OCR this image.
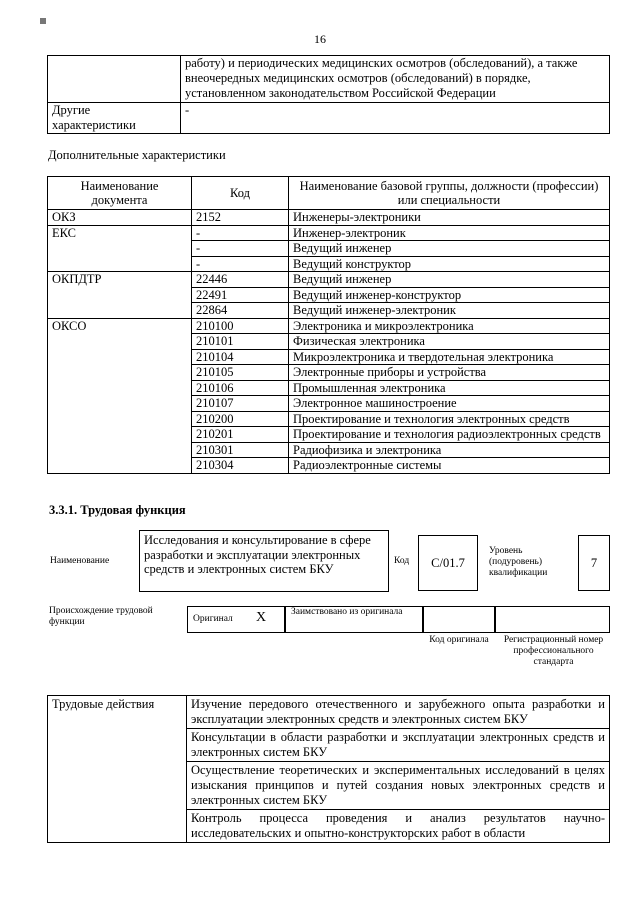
16
	работу) и периодических медицинских осмотров (обследований), а также внеочередных медицинских осмотров (обследований) в порядке, установленном законодательством Российской Федерации
Другие характеристики	-
Дополнительные характеристики
Наименование документа	Код	Наименование базовой группы, должности (профессии) или специальности
ОКЗ	2152	Инженеры-электроники
ЕКС	-	Инженер-электроник
	-	Ведущий инженер
	-	Ведущий конструктор
ОКПДТР	22446	Ведущий инженер
	22491	Ведущий инженер-конструктор
	22864	Ведущий инженер-электроник
ОКСО	210100	Электроника и микроэлектроника
	210101	Физическая электроника
	210104	Микроэлектроника и твердотельная электроника
	210105	Электронные приборы и устройства
	210106	Промышленная электроника
	210107	Электронное машиностроение
	210200	Проектирование и технология электронных средств
	210201	Проектирование и технология радиоэлектронных средств
	210301	Радиофизика и электроника
	210304	Радиоэлектронные системы
3.3.1. Трудовая функция
Наименование
Исследования и консультирование в сфере разработки и эксплуатации электронных средств и электронных систем БКУ
Код	С/01.7
Уровень (подуровень) квалификации
7
Происхождение трудовой функции	Оригинал X	Заимствовано из оригинала
Код оригинала	Регистрационный номер профессионального стандарта
Трудовые действия	Изучение передового отечественного и зарубежного опыта разработки и эксплуатации электронных средств и электронных систем БКУ
Консультации в области разработки и эксплуатации электронных средств и электронных систем БКУ
Осуществление теоретических и экспериментальных исследований в целях изыскания принципов и путей создания новых электронных средств и электронных систем БКУ
Контроль процесса проведения и анализ результатов научно-исследовательских и опытно-конструкторских работ в области
